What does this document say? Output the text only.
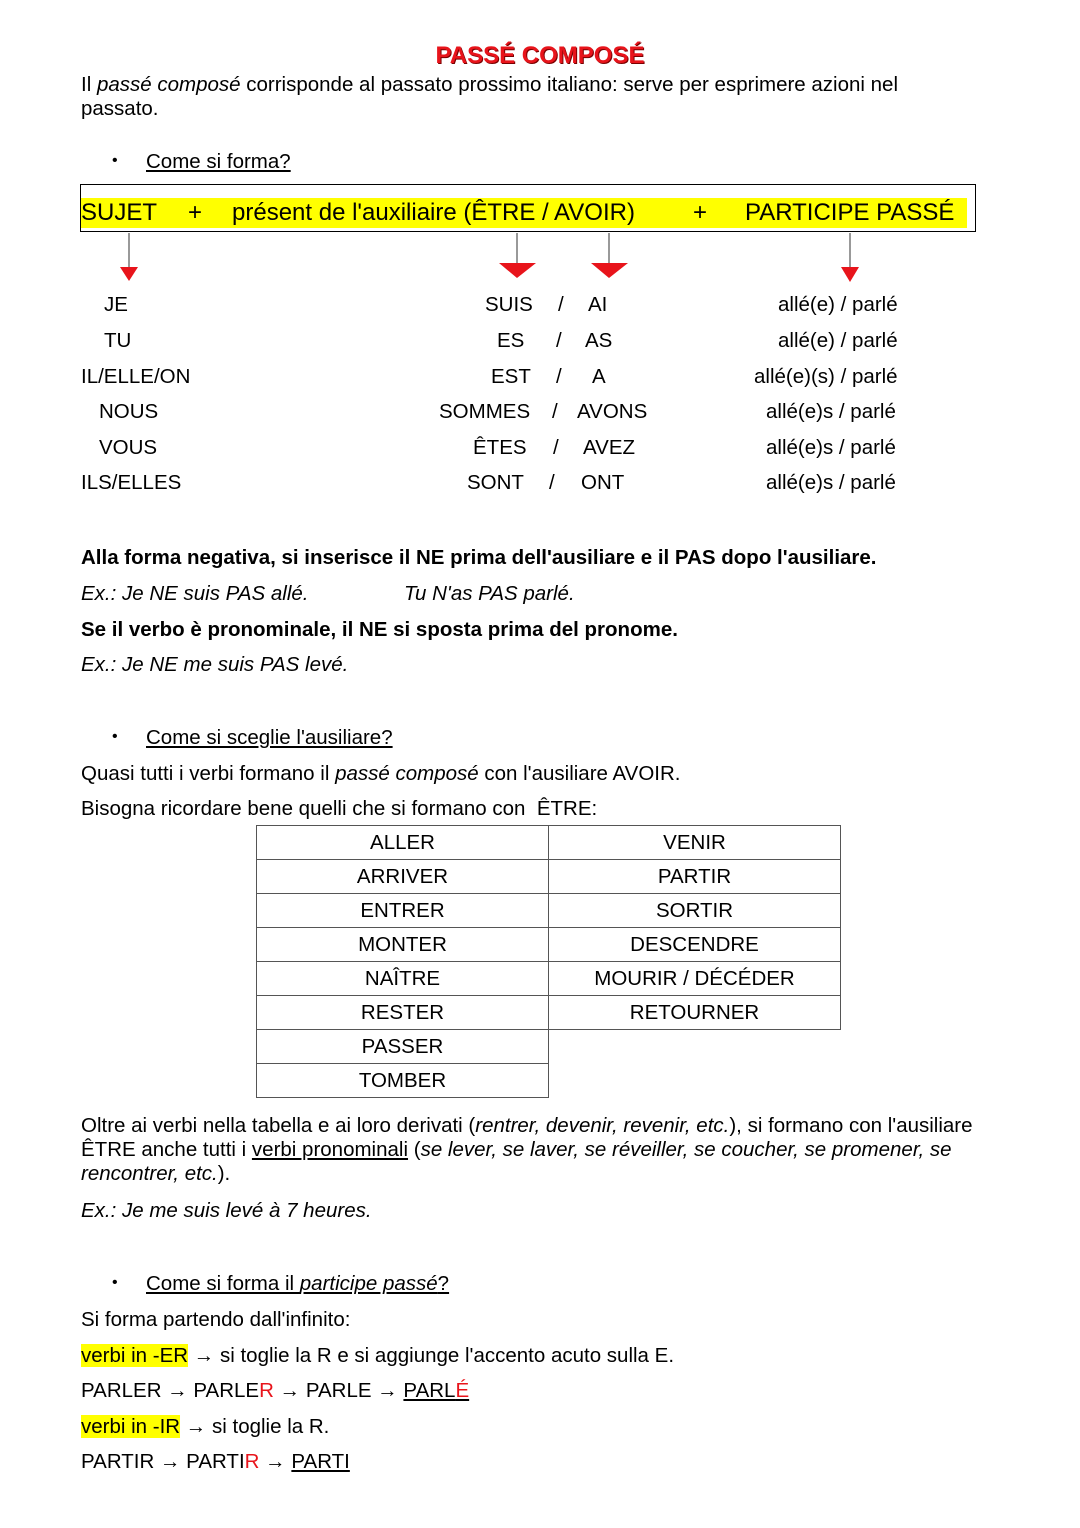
PASSÉ COMPOSÉ
Il passé composé corrisponde al passato prossimo italiano: serve per esprimere azioni nel passato.
• Come si forma?
SUJET + présent de l'auxiliaire (ÊTRE / AVOIR) + PARTICIPE PASSÉ
JE	SUIS / AI	allé(e) / parlé
TU	ES / AS	allé(e) / parlé
IL/ELLE/ON	EST / A	allé(e)(s) / parlé
NOUS	SOMMES / AVONS	allé(e)s / parlé
VOUS	ÊTES / AVEZ	allé(e)s / parlé
ILS/ELLES	SONT / ONT	allé(e)s / parlé
Alla forma negativa, si inserisce il NE prima dell'ausiliare e il PAS dopo l'ausiliare.
Ex.: Je NE suis PAS allé.	Tu N'as PAS parlé.
Se il verbo è pronominale, il NE si sposta prima del pronome.
Ex.: Je NE me suis PAS levé.
• Come si sceglie l'ausiliare?
Quasi tutti i verbi formano il passé composé con l'ausiliare AVOIR.
Bisogna ricordare bene quelli che si formano con  ÊTRE:
ALLER	VENIR
ARRIVER	PARTIR
ENTRER	SORTIR
MONTER	DESCENDRE
NAÎTRE	MOURIR / DÉCÉDER
RESTER	RETOURNER
PASSER	
TOMBER	
Oltre ai verbi nella tabella e ai loro derivati (rentrer, devenir, revenir, etc.), si formano con l'ausiliare  ÊTRE anche tutti i verbi pronominali (se lever, se laver, se réveiller, se coucher, se promener, se rencontrer, etc.).
Ex.: Je me suis levé à 7 heures.
• Come si forma il participe passé?
Si forma partendo dall'infinito:
verbi in -ER → si toglie la R e si aggiunge l'accento acuto sulla E.
PARLER → PARLER → PARLE → PARLÉ
verbi in -IR → si toglie la R.
PARTIR → PARTIR → PARTI
